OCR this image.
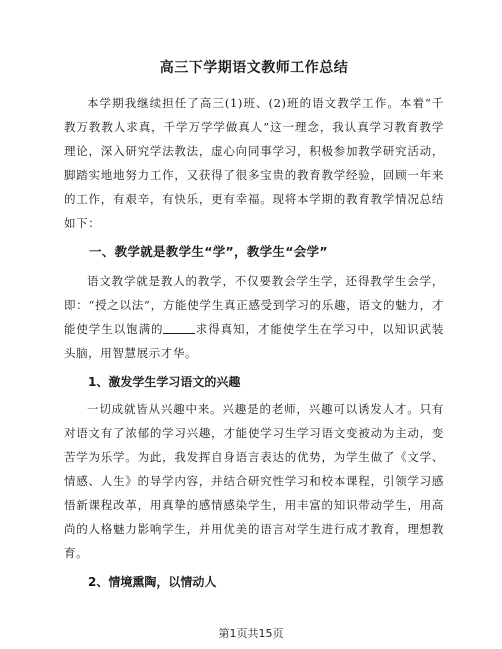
高三下学期语文教师工作总结

本学期我继续担任了高三(1)班、(2)班的语文教学工作。本着“千教万教教人求真，千学万学学做真人”这一理念，我认真学习教育教学理论，深入研究学法教法，虚心向同事学习，积极参加教学研究活动，脚踏实地地努力工作，又获得了很多宝贵的教育教学经验，回顾一年来的工作，有艰辛，有快乐，更有幸福。现将本学期的教育教学情况总结如下：

一、教学就是教学生“学”，教学生“会学”

语文教学就是教人的教学，不仅要教会学生学，还得教学生会学，即：“授之以法”，方能使学生真正感受到学习的乐趣，语文的魅力，才能使学生以饱满的	求得真知，才能使学生在学习中，以知识武装头脑，用智慧展示才华。

1、激发学生学习语文的兴趣

一切成就皆从兴趣中来。兴趣是的老师，兴趣可以诱发人才。只有对语文有了浓郁的学习兴趣，才能使学习生学习语文变被动为主动，变苦学为乐学。为此，我发挥自身语言表达的优势，为学生做了《文学、情感、人生》的导学内容，并结合研究性学习和校本课程，引领学习感悟新课程改革，用真挚的感情感染学生，用丰富的知识带动学生，用高尚的人格魅力影响学生，并用优美的语言对学生进行成才教育，理想教育。

2、情境熏陶，以情动人
第1页共15页
